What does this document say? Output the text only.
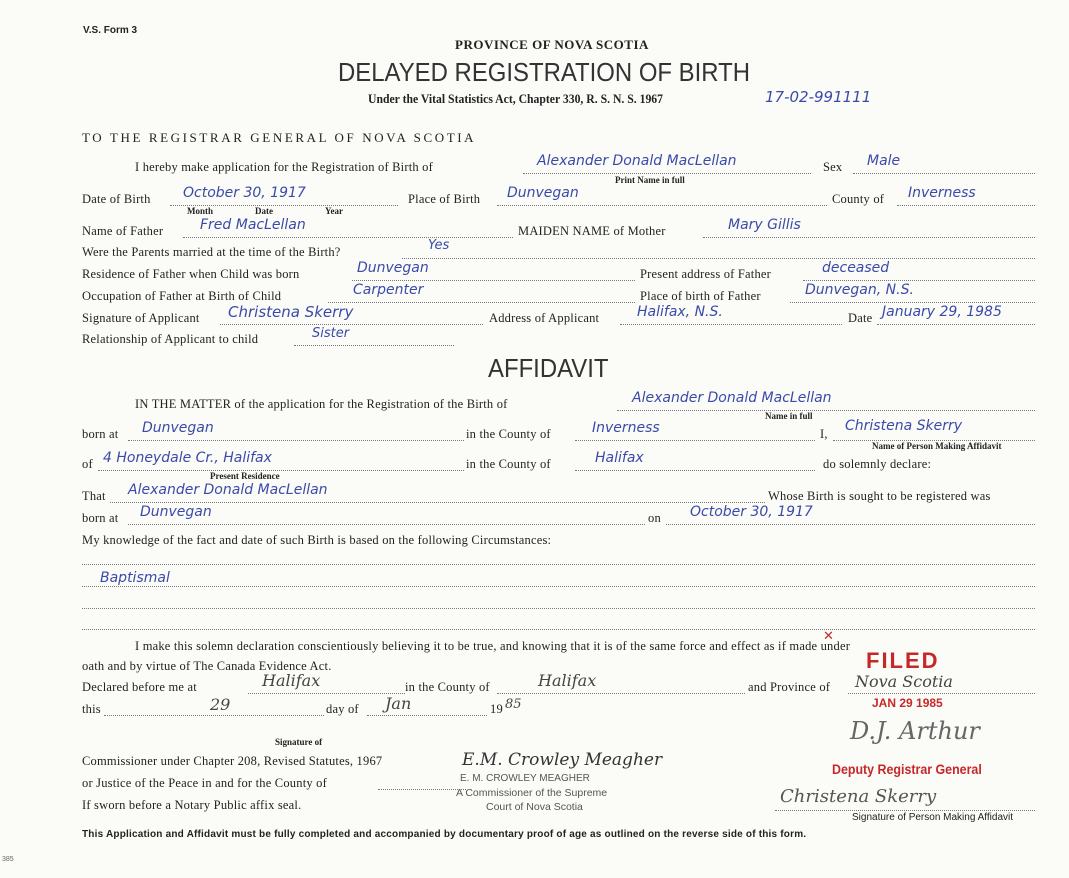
V.S. Form 3
PROVINCE OF NOVA SCOTIA
DELAYED REGISTRATION OF BIRTH
Under the Vital Statistics Act, Chapter 330, R. S. N. S. 1967	17-02-991111
TO THE REGISTRAR GENERAL OF NOVA SCOTIA
I hereby make application for the Registration of Birth of	Alexander Donald MacLellan
Print Name in full
Sex Male
Date of Birth October 30, 1917
Month	Date	Year
Place of Birth Dunvegan	County of Inverness
Name of Father	Fred MacLellan	MAIDEN NAME of Mother	Mary Gillis
Were the Parents married at the time of the Birth?	Yes
Residence of Father when Child was born	Dunvegan	Present address of Father	deceased
Occupation of Father at Birth of Child	Carpenter	Place of birth of Father	Dunvegan, N.S.
Signature of Applicant Christena Skerry	Address of Applicant	Halifax, N.S.	Date January 29, 1985
Relationship of Applicant to child	Sister
AFFIDAVIT
IN THE MATTER of the application for the Registration of the Birth of	Alexander Donald MacLellan
Name in full
born at Dunvegan	in the County of	Inverness	I, Christena Skerry
Name of Person Making Affidavit
of 4 Honeydale Cr., Halifax
Present Residence
in the County of	Halifax	do solemnly declare:
That Alexander Donald MacLellan	Whose Birth is sought to be registered was
born at Dunvegan	on October 30, 1917
My knowledge of the fact and date of such Birth is based on the following Circumstances:
Baptismal
I make this solemn declaration conscientiously believing it to be true, and knowing that it is of the same force and effect as if made under
oath and by virtue of The Canada Evidence Act.
Declared before me at	Halifax	in the County of	Halifax	and Province of Nova Scotia
this	29	day of Jan	19 85
Signature of
Commissioner under Chapter 208, Revised Statutes, 1967
or Justice of the Peace in and for the County of
If sworn before a Notary Public affix seal.
E.M. Crowley Meagher
E. M. CROWLEY MEAGHER
A Commissioner of the Supreme
Court of Nova Scotia
FILED
JAN 29 1985
✕
D.J. Arthur
Deputy Registrar General
Christena Skerry
Signature of Person Making Affidavit
This Application and Affidavit must be fully completed and accompanied by documentary proof of age as outlined on the reverse side of this form.
385
